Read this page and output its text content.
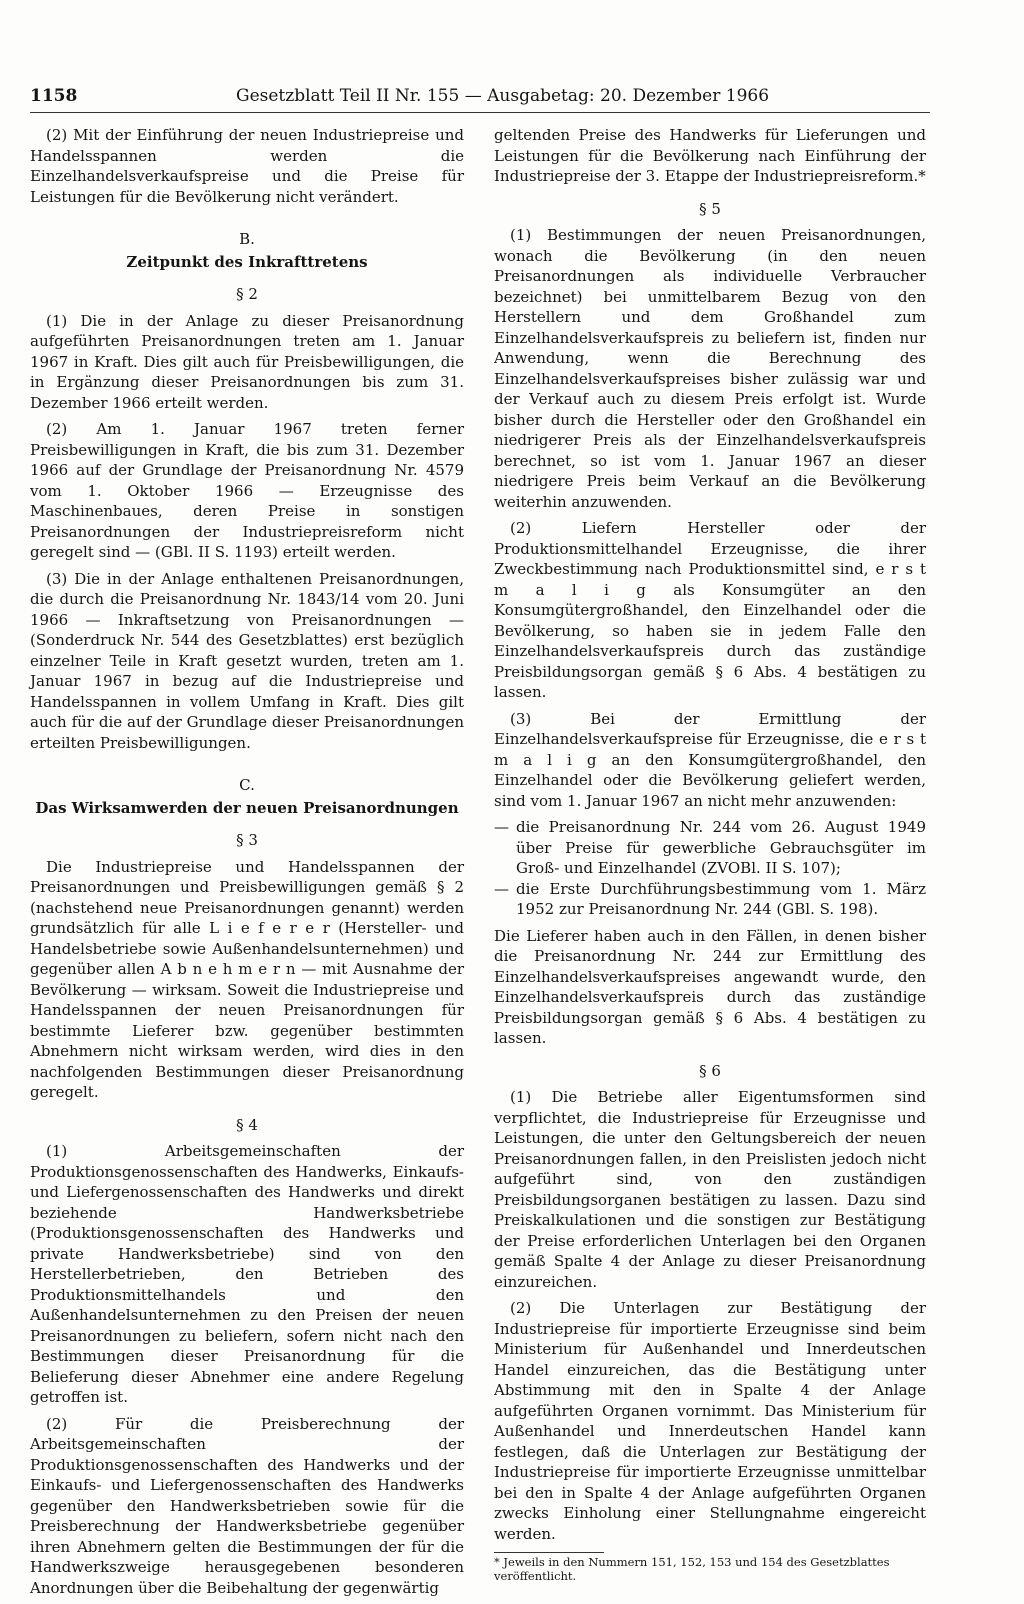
1158	Gesetzblatt Teil II Nr. 155 — Ausgabetag: 20. Dezember 1966

(2) Mit der Einführung der neuen Industriepreise und Handelsspannen werden die Einzelhandelsverkaufspreise und die Preise für Leistungen für die Bevölkerung nicht verändert.

B.
Zeitpunkt des Inkrafttretens
§ 2

(1) Die in der Anlage zu dieser Preisanordnung aufgeführten Preisanordnungen treten am 1. Januar 1967 in Kraft. Dies gilt auch für Preisbewilligungen, die in Ergänzung dieser Preisanordnungen bis zum 31. Dezember 1966 erteilt werden.

(2) Am 1. Januar 1967 treten ferner Preisbewilligungen in Kraft, die bis zum 31. Dezember 1966 auf der Grundlage der Preisanordnung Nr. 4579 vom 1. Oktober 1966 — Erzeugnisse des Maschinenbaues, deren Preise in sonstigen Preisanordnungen der Industriepreisreform nicht geregelt sind — (GBl. II S. 1193) erteilt werden.

(3) Die in der Anlage enthaltenen Preisanordnungen, die durch die Preisanordnung Nr. 1843/14 vom 20. Juni 1966 — Inkraftsetzung von Preisanordnungen — (Sonderdruck Nr. 544 des Gesetzblattes) erst bezüglich einzelner Teile in Kraft gesetzt wurden, treten am 1. Januar 1967 in bezug auf die Industriepreise und Handelsspannen in vollem Umfang in Kraft. Dies gilt auch für die auf der Grundlage dieser Preisanordnungen erteilten Preisbewilligungen.

C.
Das Wirksamwerden der neuen Preisanordnungen
§ 3

Die Industriepreise und Handelsspannen der Preisanordnungen und Preisbewilligungen gemäß § 2 (nachstehend neue Preisanordnungen genannt) werden grundsätzlich für alle L i e f e r e r (Hersteller- und Handelsbetriebe sowie Außenhandelsunternehmen) und gegenüber allen A b n e h m e r n — mit Ausnahme der Bevölkerung — wirksam. Soweit die Industriepreise und Handelsspannen der neuen Preisanordnungen für bestimmte Lieferer bzw. gegenüber bestimmten Abnehmern nicht wirksam werden, wird dies in den nachfolgenden Bestimmungen dieser Preisanordnung geregelt.

§ 4

(1) Arbeitsgemeinschaften der Produktionsgenossenschaften des Handwerks, Einkaufs- und Liefergenossenschaften des Handwerks und direkt beziehende Handwerksbetriebe (Produktionsgenossenschaften des Handwerks und private Handwerksbetriebe) sind von den Herstellerbetrieben, den Betrieben des Produktionsmittelhandels und den Außenhandelsunternehmen zu den Preisen der neuen Preisanordnungen zu beliefern, sofern nicht nach den Bestimmungen dieser Preisanordnung für die Belieferung dieser Abnehmer eine andere Regelung getroffen ist.

(2) Für die Preisberechnung der Arbeitsgemeinschaften der Produktionsgenossenschaften des Handwerks und der Einkaufs- und Liefergenossenschaften des Handwerks gegenüber den Handwerksbetrieben sowie für die Preisberechnung der Handwerksbetriebe gegenüber ihren Abnehmern gelten die Bestimmungen der für die Handwerkszweige herausgegebenen besonderen Anordnungen über die Beibehaltung der gegenwärtig

geltenden Preise des Handwerks für Lieferungen und Leistungen für die Bevölkerung nach Einführung der Industriepreise der 3. Etappe der Industriepreisreform.*

§ 5

(1) Bestimmungen der neuen Preisanordnungen, wonach die Bevölkerung (in den neuen Preisanordnungen als individuelle Verbraucher bezeichnet) bei unmittelbarem Bezug von den Herstellern und dem Großhandel zum Einzelhandelsverkaufspreis zu beliefern ist, finden nur Anwendung, wenn die Berechnung des Einzelhandelsverkaufspreises bisher zulässig war und der Verkauf auch zu diesem Preis erfolgt ist. Wurde bisher durch die Hersteller oder den Großhandel ein niedrigerer Preis als der Einzelhandelsverkaufspreis berechnet, so ist vom 1. Januar 1967 an dieser niedrigere Preis beim Verkauf an die Bevölkerung weiterhin anzuwenden.

(2) Liefern Hersteller oder der Produktionsmittelhandel Erzeugnisse, die ihrer Zweckbestimmung nach Produktionsmittel sind, e r s t m a l i g als Konsumgüter an den Konsumgütergroßhandel, den Einzelhandel oder die Bevölkerung, so haben sie in jedem Falle den Einzelhandelsverkaufspreis durch das zuständige Preisbildungsorgan gemäß § 6 Abs. 4 bestätigen zu lassen.

(3) Bei der Ermittlung der Einzelhandelsverkaufspreise für Erzeugnisse, die e r s t m a l i g an den Konsumgütergroßhandel, den Einzelhandel oder die Bevölkerung geliefert werden, sind vom 1. Januar 1967 an nicht mehr anzuwenden:

— die Preisanordnung Nr. 244 vom 26. August 1949 über Preise für gewerbliche Gebrauchsgüter im Groß- und Einzelhandel (ZVOBl. II S. 107);
— die Erste Durchführungsbestimmung vom 1. März 1952 zur Preisanordnung Nr. 244 (GBl. S. 198).

Die Lieferer haben auch in den Fällen, in denen bisher die Preisanordnung Nr. 244 zur Ermittlung des Einzelhandelsverkaufspreises angewandt wurde, den Einzelhandelsverkaufspreis durch das zuständige Preisbildungsorgan gemäß § 6 Abs. 4 bestätigen zu lassen.

§ 6

(1) Die Betriebe aller Eigentumsformen sind verpflichtet, die Industriepreise für Erzeugnisse und Leistungen, die unter den Geltungsbereich der neuen Preisanordnungen fallen, in den Preislisten jedoch nicht aufgeführt sind, von den zuständigen Preisbildungsorganen bestätigen zu lassen. Dazu sind Preiskalkulationen und die sonstigen zur Bestätigung der Preise erforderlichen Unterlagen bei den Organen gemäß Spalte 4 der Anlage zu dieser Preisanordnung einzureichen.

(2) Die Unterlagen zur Bestätigung der Industriepreise für importierte Erzeugnisse sind beim Ministerium für Außenhandel und Innerdeutschen Handel einzureichen, das die Bestätigung unter Abstimmung mit den in Spalte 4 der Anlage aufgeführten Organen vornimmt. Das Ministerium für Außenhandel und Innerdeutschen Handel kann festlegen, daß die Unterlagen zur Bestätigung der Industriepreise für importierte Erzeugnisse unmittelbar bei den in Spalte 4 der Anlage aufgeführten Organen zwecks Einholung einer Stellungnahme eingereicht werden.

* Jeweils in den Nummern 151, 152, 153 und 154 des Gesetzblattes veröffentlicht.
